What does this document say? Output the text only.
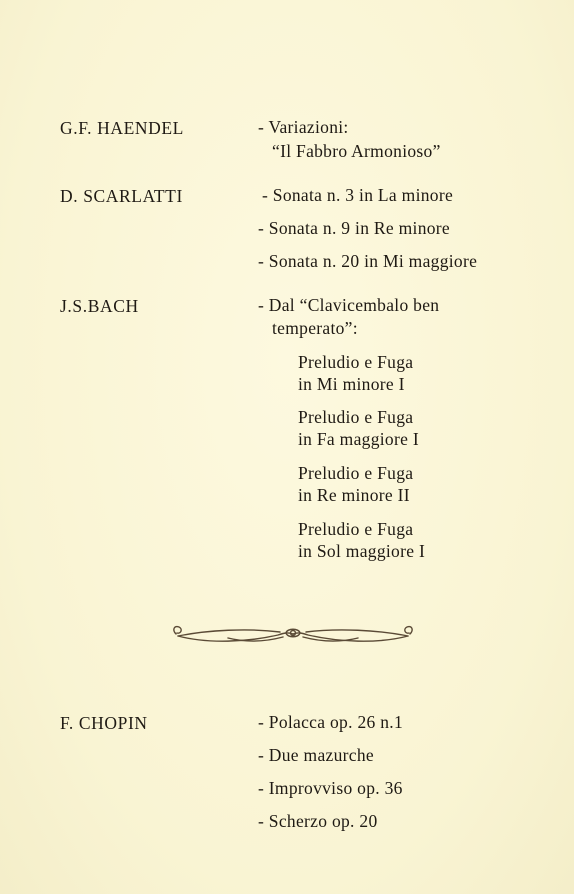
G.F. HAENDEL	- Variazioni:
“Il Fabbro Armonioso”
D. SCARLATTI	- Sonata n. 3 in La minore
- Sonata n. 9 in Re minore
- Sonata n. 20 in Mi maggiore
J.S.BACH	- Dal “Clavicembalo ben
temperato”:
Preludio e Fuga
in Mi minore I
Preludio e Fuga
in Fa maggiore I
Preludio e Fuga
in Re minore II
Preludio e Fuga
in Sol maggiore I
F. CHOPIN	- Polacca op. 26 n.1
- Due mazurche
- Improvviso op. 36
- Scherzo op. 20
